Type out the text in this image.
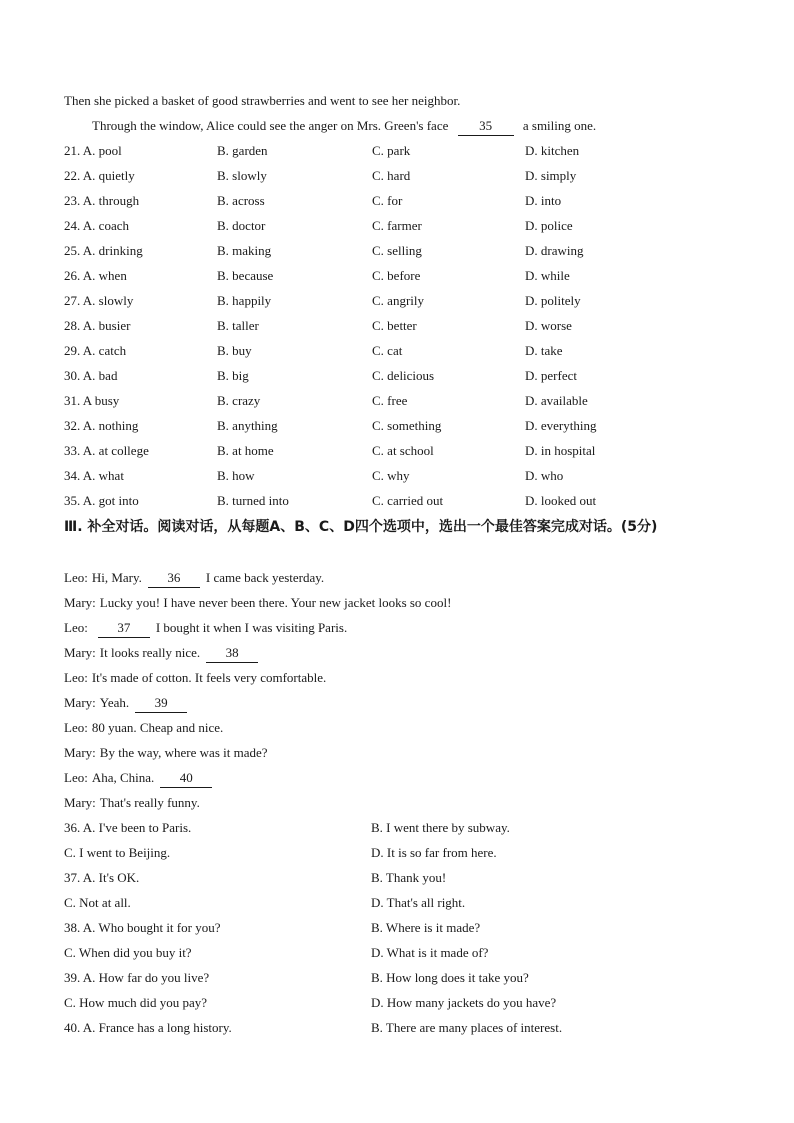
Then she picked a basket of good strawberries and went to see her neighbor.
Through the window, Alice could see the anger on Mrs. Green's face 35 a smiling one.
21. A. pool	B. garden	C. park	D. kitchen
22. A. quietly	B. slowly	C. hard	D. simply
23. A. through	B. across	C. for	D. into
24. A. coach	B. doctor	C. farmer	D. police
25. A. drinking	B. making	C. selling	D. drawing
26. A. when	B. because	C. before	D. while
27. A. slowly	B. happily	C. angrily	D. politely
28. A. busier	B. taller	C. better	D. worse
29. A. catch	B. buy	C. cat	D. take
30. A. bad	B. big	C. delicious	D. perfect
31. A busy	B. crazy	C. free	D. available
32. A. nothing	B. anything	C. something	D. everything
33. A. at college	B. at home	C. at school	D. in hospital
34. A. what	B. how	C. why	D. who
35. A. got into	B. turned into	C. carried out	D. looked out
Ⅲ. 补全对话。阅读对话，从每题A、B、C、D四个选项中，选出一个最佳答案完成对话。(5分)
Leo: Hi, Mary. 36 I came back yesterday.
Mary: Lucky you! I have never been there. Your new jacket looks so cool!
Leo: 37 I bought it when I was visiting Paris.
Mary: It looks really nice. 38
Leo: It's made of cotton. It feels very comfortable.
Mary: Yeah. 39
Leo: 80 yuan. Cheap and nice.
Mary: By the way, where was it made?
Leo: Aha, China. 40
Mary: That's really funny.
36. A. I've been to Paris.	B. I went there by subway.
C. I went to Beijing.	D. It is so far from here.
37. A. It's OK.	B. Thank you!
C. Not at all.	D. That's all right.
38. A. Who bought it for you?	B. Where is it made?
C. When did you buy it?	D. What is it made of?
39. A. How far do you live?	B. How long does it take you?
C. How much did you pay?	D. How many jackets do you have?
40. A. France has a long history.	B. There are many places of interest.
